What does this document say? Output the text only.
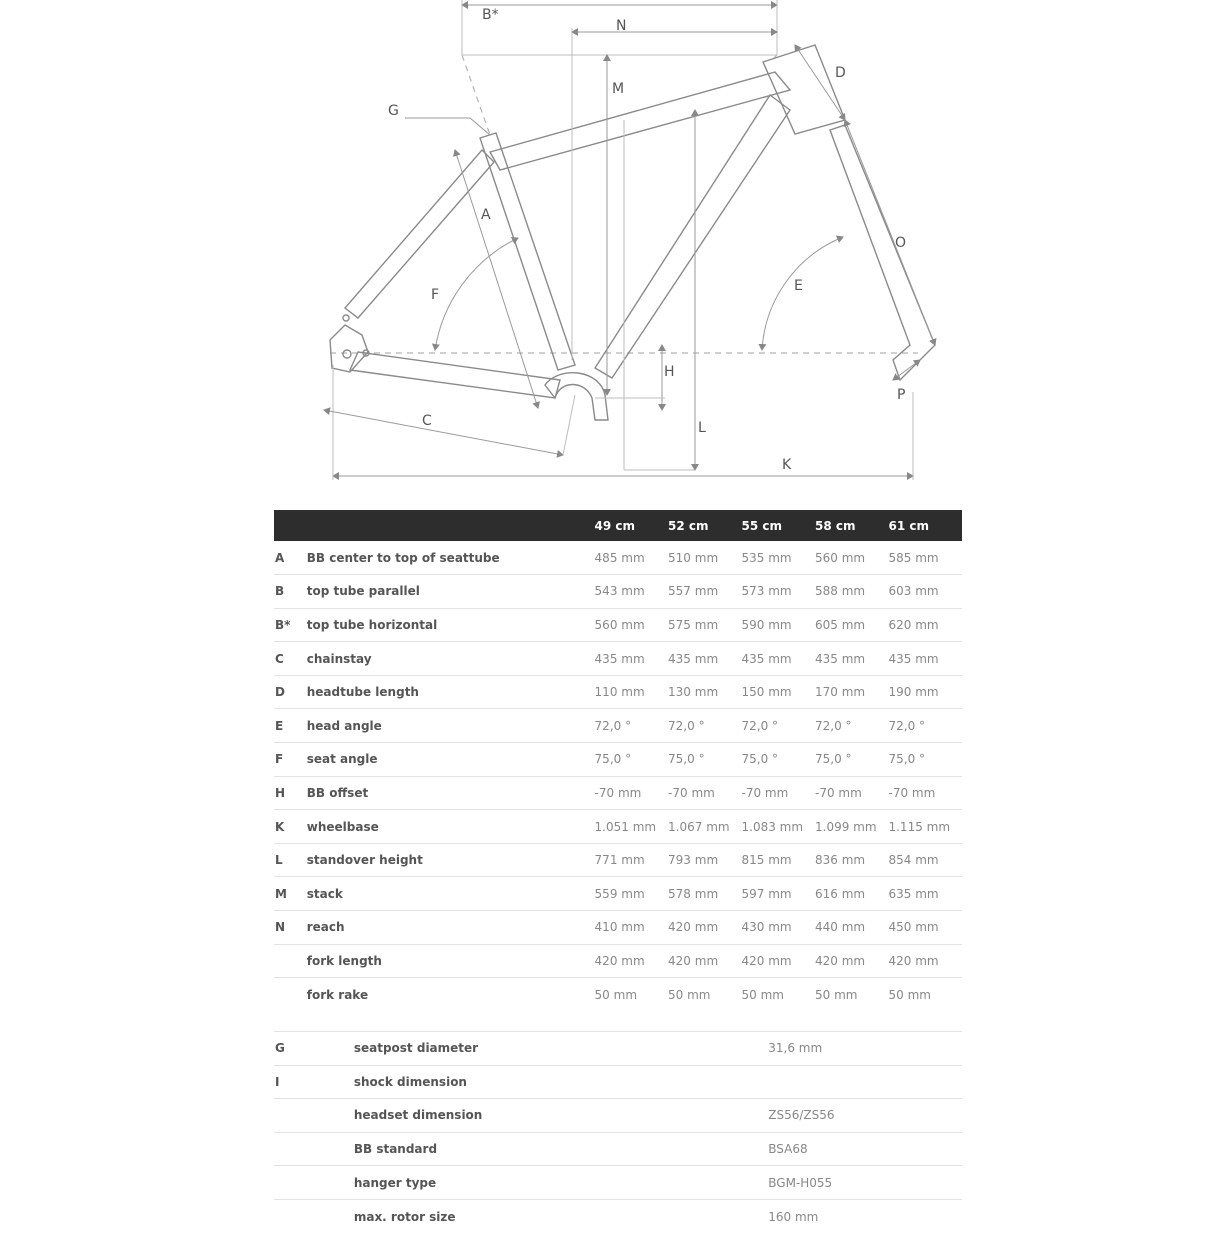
B*
N
M
G
D
A
O
F
E
H
P
C	L
K
		49 cm	52 cm	55 cm	58 cm	61 cm
A	BB center to top of seattube	485 mm	510 mm	535 mm	560 mm	585 mm
B	top tube parallel	543 mm	557 mm	573 mm	588 mm	603 mm
B*	top tube horizontal	560 mm	575 mm	590 mm	605 mm	620 mm
C	chainstay	435 mm	435 mm	435 mm	435 mm	435 mm
D	headtube length	110 mm	130 mm	150 mm	170 mm	190 mm
E	head angle	72,0 °	72,0 °	72,0 °	72,0 °	72,0 °
F	seat angle	75,0 °	75,0 °	75,0 °	75,0 °	75,0 °
H	BB offset	-70 mm	-70 mm	-70 mm	-70 mm	-70 mm
K	wheelbase	1.051 mm	1.067 mm	1.083 mm	1.099 mm	1.115 mm
L	standover height	771 mm	793 mm	815 mm	836 mm	854 mm
M	stack	559 mm	578 mm	597 mm	616 mm	635 mm
N	reach	410 mm	420 mm	430 mm	440 mm	450 mm
	fork length	420 mm	420 mm	420 mm	420 mm	420 mm
	fork rake	50 mm	50 mm	50 mm	50 mm	50 mm
G	seatpost diameter	31,6 mm
I	shock dimension	
	headset dimension	ZS56/ZS56
	BB standard	BSA68
	hanger type	BGM-H055
	max. rotor size	160 mm
